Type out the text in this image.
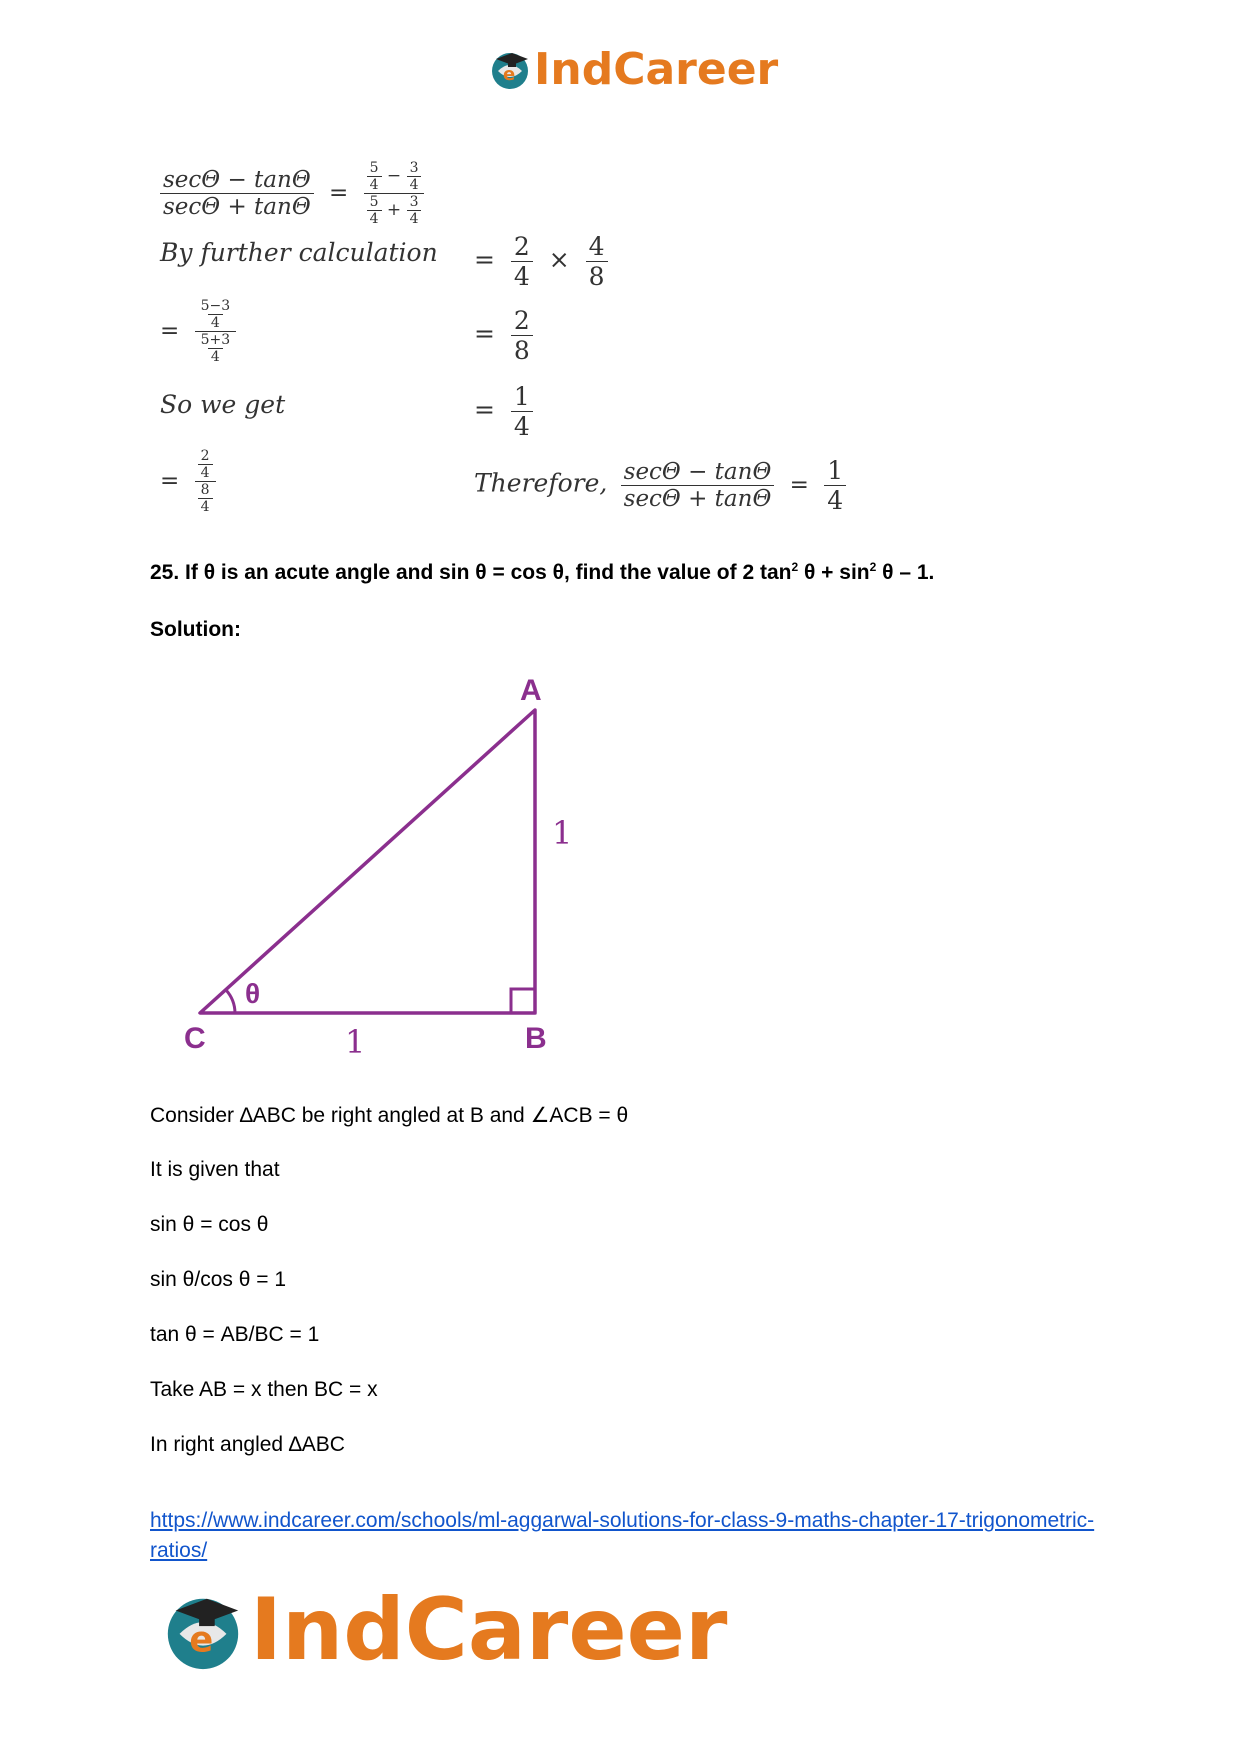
e IndCareer
$\frac{\sec\Theta - \tan\Theta}{\sec\Theta + \tan\Theta} = \frac{\frac{5}{4} - \frac{3}{4}}{\frac{5}{4} + \frac{3}{4}}$
By further calculation
= $\frac{\frac{5-3}{4}}{\frac{5+3}{4}}$
So we get
= $\frac{\frac{2}{4}}{\frac{8}{4}}$
= $\frac{2}{4} \times \frac{4}{8}$
= $\frac{2}{8}$
= $\frac{1}{4}$
Therefore, $\frac{\sec\Theta - \tan\Theta}{\sec\Theta + \tan\Theta} = \frac{1}{4}$
25. If θ is an acute angle and sin θ = cos θ, find the value of 2 $\tan^2 \theta + \sin^2 \theta - 1$.
Solution:
A
B
C
θ
1
1
Consider ∆ABC be right angled at B and ∠ACB = θ
It is given that
sin θ = cos θ
sin θ/cos θ = 1
tan θ = AB/BC = 1
Take AB = x then BC = x
In right angled ∆ABC
https://www.indcareer.com/schools/ml-aggarwal-solutions-for-class-9-maths-chapter-17-trigonometric-ratios/
e IndCareer
